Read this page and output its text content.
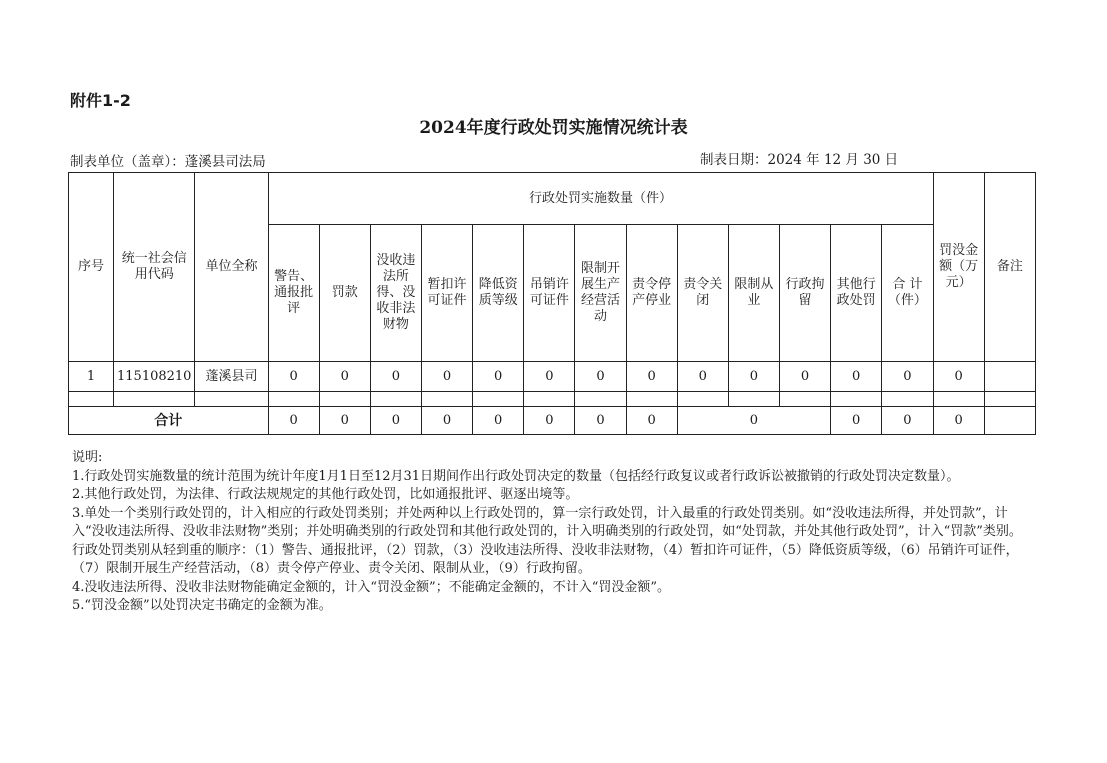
附件1-2
2024年度行政处罚实施情况统计表
制表单位（盖章）：蓬溪县司法局	制表日期：2024 年 12 月 30 日
序号	统一社会信用代码	单位全称	行政处罚实施数量（件）													罚没金额（万元）	备注
			警告、通报批评	罚款	没收违法所得、没收非法财物	暂扣许可证件	降低资质等级	吊销许可证件	限制开展生产经营活动	责令停产停业	责令关闭	限制从业	行政拘留	其他行政处罚	合 计（件）		
1	115108210	蓬溪县司	0	0	0	0	0	0	0	0	0	0	0	0	0	0	

合计			0	0	0	0	0	0	0	0	0			0	0	0	

说明:

1.行政处罚实施数量的统计范围为统计年度1月1日至12月31日期间作出行政处罚决定的数量（包括经行政复议或者行政诉讼被撤销的行政处罚决定数量）。

2.其他行政处罚，为法律、行政法规规定的其他行政处罚，比如通报批评、驱逐出境等。

3.单处一个类别行政处罚的，计入相应的行政处罚类别；并处两种以上行政处罚的，算一宗行政处罚，计入最重的行政处罚类别。如“没收违法所得，并处罚款”，计入“没收违法所得、没收非法财物”类别；并处明确类别的行政处罚和其他行政处罚的，计入明确类别的行政处罚，如“处罚款，并处其他行政处罚”，计入“罚款”类别。行政处罚类别从轻到重的顺序：（1）警告、通报批评，（2）罚款，（3）没收违法所得、没收非法财物，（4）暂扣许可证件，（5）降低资质等级，（6）吊销许可证件，（7）限制开展生产经营活动，（8）责令停产停业、责令关闭、限制从业，（9）行政拘留。

4.没收违法所得、没收非法财物能确定金额的，计入“罚没金额”；不能确定金额的，不计入“罚没金额”。

5.“罚没金额”以处罚决定书确定的金额为准。
